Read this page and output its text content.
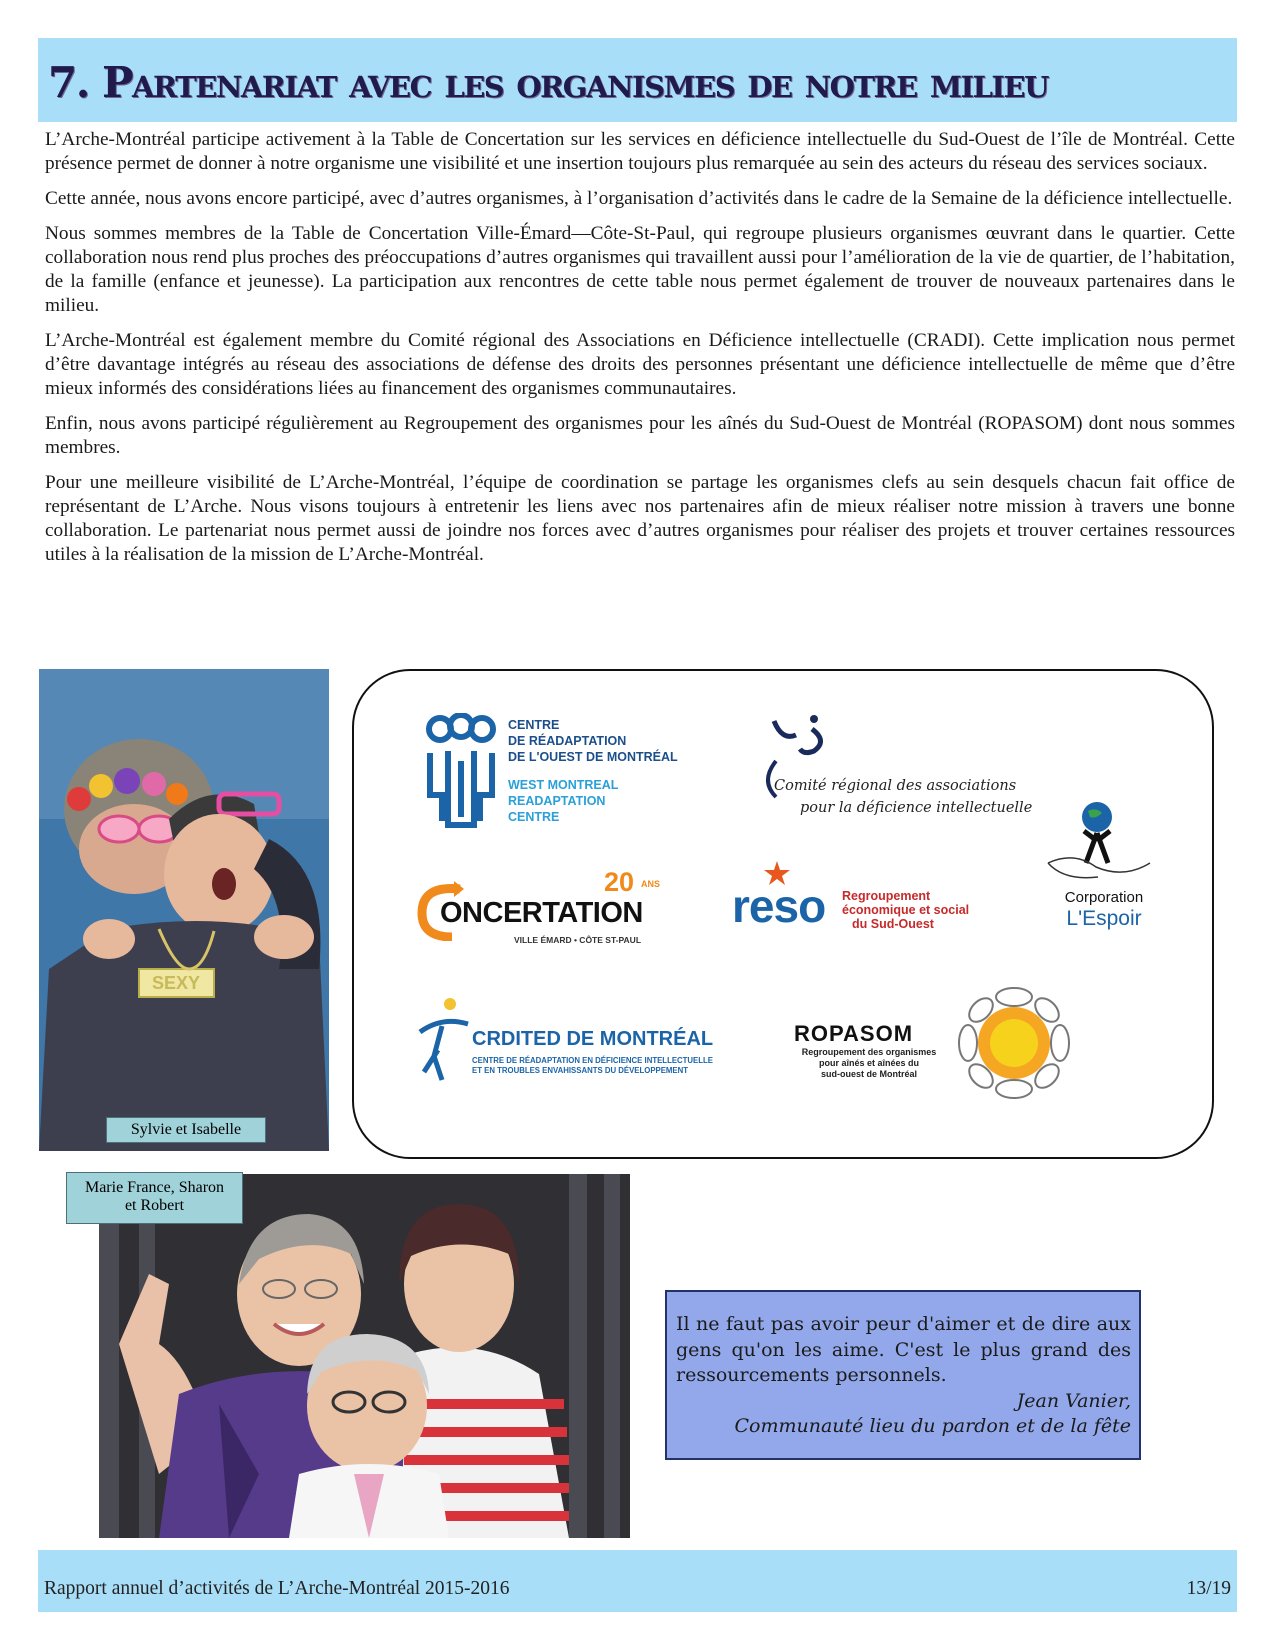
7. Partenariat avec les organismes de notre milieu

L’Arche-Montréal participe activement à la Table de Concertation sur les services en déficience intellectuelle du Sud-Ouest de l’île de Montréal. Cette présence permet de donner à notre organisme une visibilité et une insertion toujours plus remarquée au sein des acteurs du réseau des services sociaux.

Cette année, nous avons encore participé, avec d’autres organismes, à l’organisation d’activités dans le cadre de la Semaine de la déficience intellectuelle.

Nous sommes membres de la Table de Concertation Ville-Émard—Côte-St-Paul, qui regroupe plusieurs organismes œuvrant dans le quartier. Cette collaboration nous rend plus proches des préoccupations d’autres organismes qui travaillent aussi pour l’amélioration de la vie de quartier, de l’habitation, de la famille (enfance et jeunesse). La participation aux rencontres de cette table nous permet également de trouver de nouveaux partenaires dans le milieu.

L’Arche-Montréal est également membre du Comité régional des Associations en Déficience intellectuelle (CRADI). Cette implication nous permet d’être davantage intégrés au réseau des associations de défense des droits des personnes présentant une déficience intellectuelle de même que d’être mieux informés des considérations liées au financement des organismes communautaires.

Enfin, nous avons participé régulièrement au Regroupement des organismes pour les aînés du Sud-Ouest de Montréal (ROPASOM) dont nous sommes membres.

Pour une meilleure visibilité de L’Arche-Montréal, l’équipe de coordination se partage les organismes clefs au sein desquels chacun fait office de représentant de L’Arche. Nous visons toujours à entretenir les liens avec nos partenaires afin de mieux réaliser notre mission à travers une bonne collaboration. Le partenariat nous permet aussi de joindre nos forces avec d’autres organismes pour réaliser des projets et trouver certaines ressources utiles à la réalisation de la mission de L’Arche-Montréal.

SEXY
Sylvie et Isabelle
CENTRE
DE RÉADAPTATION
DE L'OUEST DE MONTRÉAL
WEST MONTREAL
READAPTATION
CENTRE
Comité régional des associations
pour la déficience intellectuelle
20 ANS
ONCERTATION
VILLE ÉMARD • CÔTE ST-PAUL
reso Regroupement
économique et social
du Sud-Ouest
Corporation
L'Espoir
CRDITED DE MONTRÉAL
CENTRE DE RÉADAPTATION EN DÉFICIENCE INTELLECTUELLE
ET EN TROUBLES ENVAHISSANTS DU DÉVELOPPEMENT
ROPASOM
Regroupement des organismes
pour aînés et aînées du
sud-ouest de Montréal
Marie France, Sharon
et Robert
Il ne faut pas avoir peur d'aimer et de dire aux gens qu'on les aime. C'est le plus grand des ressourcements personnels.
Jean Vanier,
Communauté lieu du pardon et de la fête
Rapport annuel d’activités de L’Arche-Montréal 2015-2016	13/19
